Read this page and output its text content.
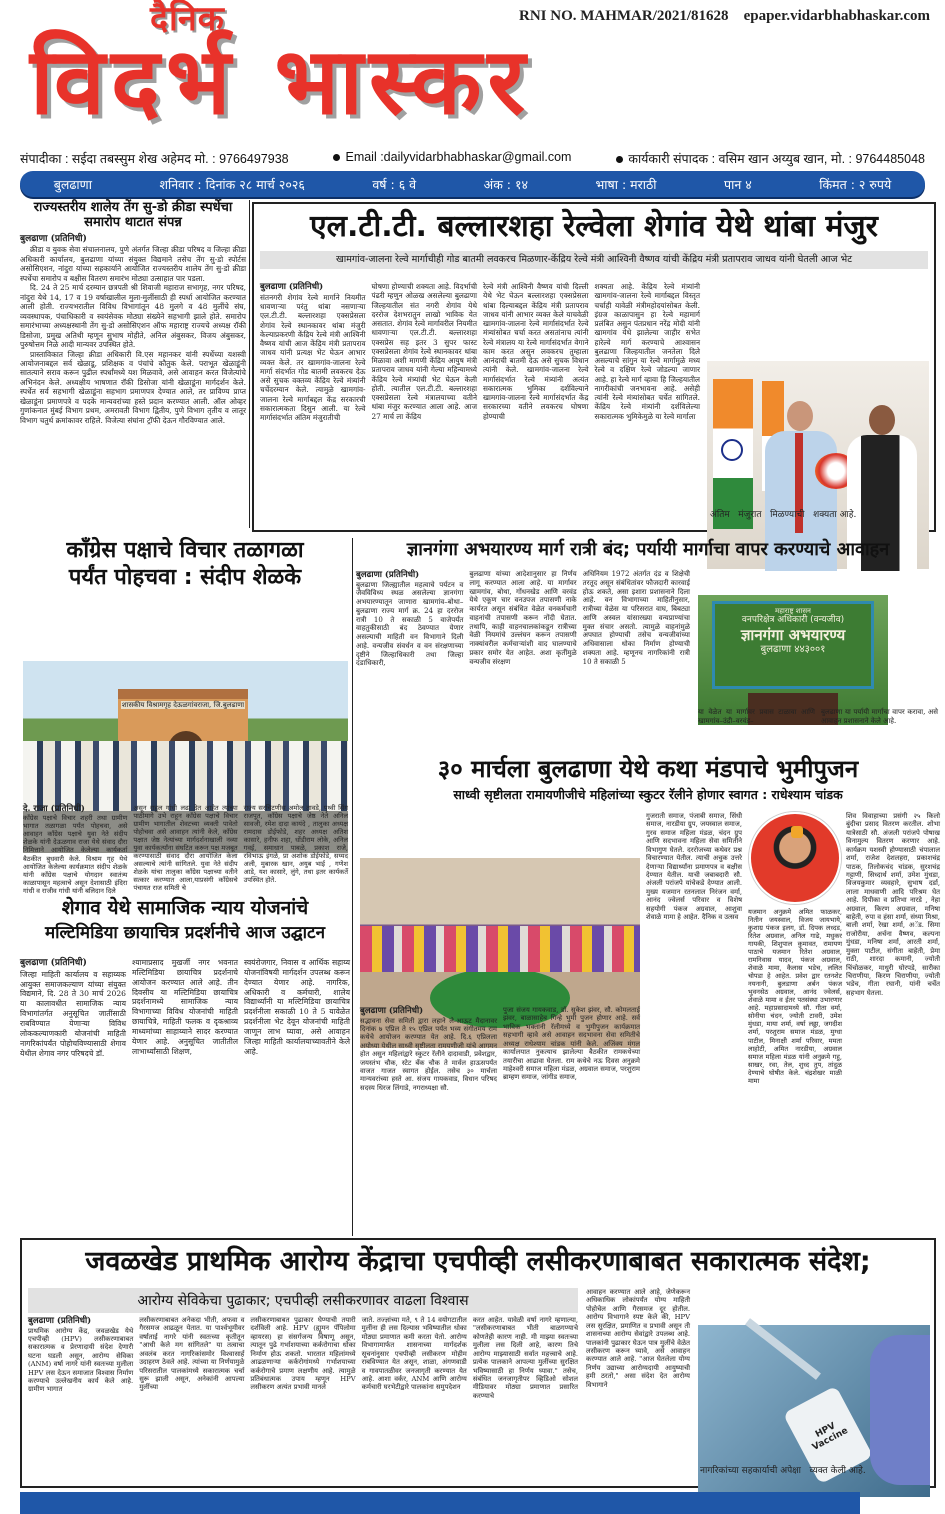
दैनिक
विदर्भ भास्कर
RNI NO. MAHMAR/2021/81628 epaper.vidarbhabhaskar.com
संपादीका : सईदा तबस्सुम शेख अहेमद मो. : 9766497938	Email :dailyvidarbhabhaskar@gmail.com	कार्यकारी संपादक : वसिम खान अय्युब खान, मो. : 9764485048
बुलढाणा	शनिवार : दिनांक २८ मार्च २०२६	वर्ष : ६ वे	अंक : १४	भाषा : मराठी	पान ४	किंमत : २ रुपये
राज्यस्तरीय शालेय तेंग सु-डो क्रीडा स्पर्धेचा समारोप थाटात संपन्न
बुलढाणा (प्रतिनिधी)
क्रीडा व युवक सेवा संचालनालय, पुणे अंतर्गत जिल्हा क्रीडा परिषद व जिल्हा क्रीडा अधिकारी कार्यालय, बुलढाणा यांच्या संयुक्त विद्यमाने तसेच तेंग सु-डो स्पोर्टस असोसिएशन, नांदुरा यांच्या सहकार्याने आयोजित राज्यस्तरीय शालेय तेंग सु-डो क्रीडा स्पर्धेचा समारोप व बक्षीस वितरण समारंभ मोठ्या उत्साहात पार पडला.
दि. 24 ते 25 मार्च दरम्यान छत्रपती श्री शिवाजी महाराज सभागृह, नगर परिषद, नांदुरा येथे 14, 17 व 19 वर्षाखालील मुला-मुलींसाठी ही स्पर्धा आयोजित करण्यात आली होती. राज्यभरातील विविध विभागांतून 48 मुलगे व 48 मुलींचे संघ, व्यवस्थापक, पंचाधिकारी व स्वयंसेवक मोठ्या संख्येने सहभागी झाले होते. समारोप समारंभाच्या अध्यक्षस्थानी तेंग सु-डो असोसिएशन ऑफ महाराष्ट्र राज्यचे अध्यक्ष रॉकी डिसोजा, प्रमुख अतिथी म्हणून सुभाष मोहीते, अनिल अंबुसकर, विजय अंबुसकर, पुरुषोत्तम निळे आदी मान्यवर उपस्थित होते.
प्रास्ताविकात जिल्हा क्रीडा अधिकारी वि.एस महानकर यांनी स्पर्धेच्या यशस्वी आयोजनाबद्दल सर्व खेळाडू, प्रशिक्षक व पंचांचे कौतुक केले. पराभूत खेळाडूंनी सातत्याने सराव करून पुढील स्पर्धांमध्ये यश मिळवावे, असे आवाहन करत विजेत्यांचे अभिनंदन केले. अध्यक्षीय भाषणात रॉकी डिसोजा यांनी खेळाडूंना मार्गदर्शन केले. स्पर्धेत सर्व सहभागी खेळाडूंना सहभाग प्रमाणपत्र देण्यात आले, तर प्राविण्य प्राप्त खेळाडूंना प्रमाणपत्रे व पदके मान्यवरांच्या हस्ते प्रदान करण्यात आली. ऑल ओव्हर गुणांकनात मुंबई विभाग प्रथम, अमरावती विभाग द्वितीय, पुणे विभाग तृतीय व लातूर विभाग चतुर्थ क्रमांकावर राहिले. विजेत्या संघांना ट्रॉफी देऊन गौरविण्यात आले.
एल.टी.टी. बल्लारशहा रेल्वेला शेगांव येथे थांबा मंजुर
खामगांव-जालना रेल्वे मार्गाचीही गोड बातमी लवकरच मिळणार-केंद्रिय रेल्वे मंत्री आश्विनी वैष्णव यांची केंद्रिय मंत्री प्रतापराव जाधव यांनी घेतली आज भेट
बुलढाणा (प्रतिनिधी)
संतनगरी शेगांव रेल्वे मार्गाने नियमीत धावणाऱ्या परंतु थांबा नसणाऱ्या एल.टी.टी. बल्लारशहा एक्सप्रेसला शेगांव रेल्वे स्थानकावर थांबा मंजुरी केल्याप्रकरणी केंद्रिय रेल्वे मंत्री आश्विनी वैष्णव यांची आज केंद्रिय मंत्री प्रतापराव जाधव यांनी प्रत्यक्ष भेट घेऊन आभार व्यक्त केले. तर खामगांव-जालना रेल्वे मार्गा संदर्भात गोड बातमी लवकरच देऊ असे सुचक वक्तव्य केंद्रिय रेल्वे मंत्र्यांनी चर्चेदरम्यान केले. त्यामुळे खामगांव-जालना रेल्वे मार्गाबद्दल केंद्र सरकारची सकारात्मकता दिसुन आली. या रेल्वे मार्गासंदर्भात अंतिम मंजुरातीची
घोषणा होण्याची शक्यता आहे. विदर्भाची पंढरी म्हणुन ओळख असलेल्या बुलढाणा जिल्हयातील संत नगरी शेगांव येथे दररोज देशभरातुन लाखो भाविक येत असतात. शेगांव रेल्वे मार्गावरील नियमीत धावणाऱ्या एल.टी.टी. बल्लारशहा एक्सप्रेस सह इतर 3 सुपर फास्ट एक्सप्रेसला शेगांव रेल्वे स्थानकावर थांबा मिळावा अशी मागणी केंद्रिय आयुष मंत्री प्रतापराव जाधव यांनी गेल्या महिन्यामध्ये केंद्रिय रेल्वे मंत्र्यांची भेट घेऊन केली होती. त्यातील एल.टी.टी. बल्लारशहा एक्सप्रेसला रेल्वे मंत्रालयाच्या वतीने थांबा मंजुर करण्यात आला आहे. आज 27 मार्च ला केंद्रिय
रेल्वे मंत्री आश्विनी वैष्णव यांची दिल्ली येथे भेट घेऊन बल्लारशहा एक्सप्रेसला थांबा दिल्याबद्दल केंद्रिय मंत्री प्रतापराव जाधव यांनी आभार व्यक्त केले याचवेळी खामगांव-जालना रेल्वे मार्गासंदर्भात रेल्वे मंत्र्यांसोबत चर्चा करत असतांनाच त्यांनी रेल्वे मंत्रालय या रेल्वे मार्गासंदर्भात वेगाने काम करत असुन लवकरच तुम्हाला आनंदाची बातमी देऊ असे सुचक विधान त्यांनी केले. खामगांव-जालना रेल्वे मार्गासंदर्भात रेल्वे मंत्र्यांनी अत्यंत सकारात्मक भुमिका दर्शविल्याने खामगांव-जालना रेल्वे मार्गासंदर्भात केंद्र सरकारच्या वतीने लवकरच घोषणा होण्याची
शक्यता आहे. केंद्रिय रेल्वे मंत्र्यांनी खामगांव-जालना रेल्वे मार्गाबद्दल विस्तृत चर्चाही यावेळी मंत्रीमहोदयांसोबत केली. इंग्रज काळापासुन हा रेल्वे महामार्ग प्रलंबित असुन पंतप्रधान नरेंद्र मोदी यांनी खामगांव येथे झालेल्या जाहीर सभेत हारेल्वे मार्ग करण्याचे आश्वासन बुलढाणा जिल्हयातील जनतेला दिले असल्याचे सांगुन या रेल्वे मार्गामुळे मध्य रेल्वे व दक्षिण रेल्वे जोडल्या जाणार आहे. हा रेल्वे मार्ग व्हावा हि जिल्हयातील नागरीकांची जनभावना आहे. असेही त्यांनी रेल्वे मंत्र्यांसोबत चर्चेत सांगितले. केंद्रिय रेल्वे मंत्र्यांनी दर्शविलेल्या सकारात्मक भुमिकेमुळे या रेल्वे मार्गाला
अंतिम   मंजुरात   मिळण्याची   शक्यता आहे.
काँग्रेस पक्षाचे विचार तळागळा
पर्यंत पोहचवा : संदीप शेळके
शासकीय विश्रामगृह देऊळगांवराजा, जि.बुलढाणा
दे. राजा (प्रतिनिधी)
काँग्रेस पक्षाचे विचार शहरी तथा ग्रामीण भागात तळागळा पर्यंत पोहचवा, असे आवाहन काँग्रेस पक्षाचे युवा नेते संदीप शेळके यांनी देऊळगाव राजा येथे संवाद दौरा निमित्ताने आयोजित केलेल्या कार्यकर्ता बैठकीत बुधवारी केले. विश्राम गृह येथे आयोजित केलेल्या कार्यक्रमात संदीप शेळके यांनी काँग्रेस पक्षाचे योगदान स्वातंत्र्य काळापासून महत्वाचे असून देशासाठी इंदिरा गांधी व राजीव गांधी यांनी बलिदान दिले
असून राहुल गांधी लढा देत आहेत त्यांच्या पाठीमागे उभे राहून काँग्रेस पक्षाचे विचार ग्रामीण भागातील शेवटच्या व्यक्ती पावेतो पोहोचवा असे आवाहन त्यांनी केले, काँग्रेस पक्षात जेष्ठ नेत्यांच्या मार्गदर्शनाखाली नव्या युवा कार्यकर्त्यांना संघटित करून पक्ष मजबूत करण्यासाठी संवाद दौरा आयोजित केला असल्याचे त्यांनी सांगितले. युवा नेते संदीप शेळके यांचा तालुका काँग्रेस पक्षाच्या वतीने सत्कार करण्यात आला,याप्रसंगी काँग्रेसचे पंचायत राज समिती चे
राज्य सरचिटणीस अमोल तावडे, पृथ्वी सिंग राजपूत, काँग्रेस पक्षाचे जेष्ठ नेते अनिल सावजी, रमेश दादा कायंदे , तालुका अध्यक्ष रामदास डोईफोडे, शहर अध्यक्ष अतिश कासारे, हनीफ शहा, धोंडीराम लोके, अनिल गवई, समाधान पाबळे, प्रकाश राजे, रविभाऊ इंगळे, प्रा अशोक डोईफोडे, सय्यद अली, मुबारक खान, अयुब भाई , गणेश आडे, यश कासारे, लुंगे, तथा इतर कार्यकर्ते उपस्थित होते.
ज्ञानगंगा अभयारण्य मार्ग रात्री बंद; पर्यायी मार्गाचा वापर करण्याचे आवाहन
बुलढाणा (प्रतिनिधी)
बुलढाणा जिल्ह्यातील महत्वाचे पर्यटन व जैवविविध्य स्थळ असलेल्या ज्ञानगंगा अभयारण्यातून जाणारा खामगांव–बोथा–बुलढाणा राज्य मार्ग क्र. 24 हा दररोज रात्री 10 ते सकाळी 5 वाजेपर्यंत वाहतुकीसाठी बंद ठेवण्यात येणार असल्याची माहिती वन विभागाने दिली आहे. वन्यजीव संवर्धन व वन संरक्षणाच्या दृष्टीने जिल्हाधिकारी तथा जिल्हा दंडाधिकारी,
बुलढाणा यांच्या आदेशानुसार हा निर्णय लागू करण्यात आला आहे. या मार्गावर खामगांव, बोथा, गोंधनखेड आणि वरवंड येथे एकूण चार वनउपज तपासणी नाके कार्यरत असून संबंधित वेळेत वनकर्मचारी वाहनांची तपासणी करून नोंदी घेतात. तथापि, काही वाहनचालकांकडून रात्रीच्या वेळी नियमांचे उल्लंघन करून तपासणी नाक्यांवरील कर्मचाऱ्यांशी वाद घालण्याचे प्रकार समोर येत आहेत. अशा कृतींमुळे वन्यजीव संरक्षण
अधिनियम 1972 अंतर्गत दंड व शिक्षेची तरतूद असून संबंधितांवर फौजदारी कारवाई होऊ शकते, असा इशारा प्रशासनाने दिला आहे. वन विभागाच्या माहितीनुसार, रात्रीच्या वेळेस या परिसरात वाघ, बिबट्या आणि अस्वल यांसारख्या वन्यप्राण्यांचा मुक्त संचार असतो. त्यामुळे वाहनांमुळे अपघात होण्याची तसेच वन्यजीवांच्या अधिवासाला धोका निर्माण होण्याची शक्यता आहे. म्हणूनच नागरिकांनी रात्री 10 ते सकाळी 5
महाराष्ट्र शासन
वनपरिक्षेत्र अधिकारी (वन्यजीव)
ज्ञानगंगा अभयारण्य
बुलढाणा ४४३००१
या वेळेत या मार्गावर प्रवास टाळावा आणि खामगांव–उंद्री–वरवंड–
बुलढाणा या पर्यायी मार्गाचा वापर करावा, असे आवाहन प्रशासनाने केले आहे.
३० मार्चला बुलढाणा येथे कथा मंडपाचे भुमीपुजन
साध्वी सृष्टीलता रामायणीजीचे महिलांच्या स्कुटर रॅलीने होणार स्वागत : राधेश्याम चांडक
बुलढाणा (प्रतिनिधी)
सद्भावना सेवा समिती द्वारा लहाने ले-आऊट मैदानावर दिनांक ७ एप्रिल ते १५ एप्रिल पर्यंत भव्य संगीतमय राम कथेचे आयोजन करण्यात येत आहे. दि.६ एप्रिलला अयोध्या येथील साध्वी सृष्टीलता रामयणीजी यांचे आगमन होत असुन महिलांद्वारे स्कुटर रॅलीने दादावाडी, प्रवेशद्वार, जयस्तंभ चौक, स्टेट बँक चौक ते मार्वल हाऊसपर्यंत वाजत गाजत स्वागत होईल. तसेच ३० मार्चला मान्यवरांच्या हस्ते आ. संजय गायकवाड, विधान परिषद सदस्य धिरज लिंगाडे, नगराध्यक्षा सौ.
पुजा संजय गायकवाड, डॉ. सुकेश झंवर, सौ. कोमलताई झंवर, बाळासाहेब गिन्हे भुमी पुजन होणार आहे. सर्व भाविक भक्तांनी रॅलीमध्ये व भुमीपुजन कार्यक्रमात सहभागी व्हावे असे आवाहन सदभावना सेवा समितीचे अध्यक्ष राधेश्याम चांडक यांनी केले. अजिंक्य मंगल कार्यालयात नुकत्याच झालेल्या बैठकीत रामकथेच्या तयारीचा आढावा घेतला. राम कथेचे नऊ दिवस अनुक्रमे माहेश्वरी समाज महिला मंडळ, अग्रवाल समाज, परशुराम ब्राम्हण समाज, जांगीड समाज,
गुजराती समाज, पंजाबी समाज, सिंधी समाज, नारडीया ग्रुप, जयस्वाल समाज, गुरव समाज महिला मंडळ, चंदन ग्रुप आणि सदभावना महिला सेवा समितीने विभागुण घेतले. दररोजच्या कथेवर प्रश्न विचारण्यात येतील. त्याची अचुक उत्तरे देणाऱ्या विद्यार्थ्यांना प्रमाणपत्र व बक्षीस देण्यात येतील. याची जबाबदारी सौ. अंजली परांजपे यांचेकडे देण्यात आली. मुख्य यजमान रतनलाल निरंजन वर्मा, आनंद ज्वेलर्स परिवार व विशेष सहयोगी पंकज अग्रवाल, आशुवा शेवाळे मामा हे आहेत. दैनिक व उत्सव
यजमान अनुक्रमे अमित फाळकर, नितीन जयस्वाल, विजय जायभाये, कुशाग्र पंकज इलग, डॉ. दिपक लध्दड, रितेश अग्रवाल, अनिल गाढे, मधुकर गायकी, शिशुपाल कुमावत, रामायण पाठाचे यजमान रितेश अग्रवाल, रामनिवास यादव, पंकज अग्रवाल, शेवाळे मामा, कैलास भडेच, ललित चोपडा हे आहेत. प्रवेश द्वार रतनशेट नयनानी, बुलडाणा अर्बन पंकज भुवनसेठ अग्रवाल, आनंद ज्वेलर्स, शेवाळे मामा व ईतर पतसंस्था उभारणार आहे. महाप्रसादामध्ये सौ. गीता वर्मा, सोनीया चंदन, ज्योती टावरी, उमेश मुंधडा, माया शर्मा, वर्षा लढ्ढा, जगदीश शर्मा, परशुराम समाज मंडळ, मुग्धा पाटील, मिनाक्षी शर्मा परिवार, ममता लाहोटी, अमित नारडीया, अग्रवाल समाज महिला मंडळ यांनी अनुक्रमे गहु, साखर, रवा, तेल, शुध्द तुप, तांदुळ देण्याचे घोषीत केले. चंद्रशेखर माळी मामा
शिव विवाहाच्या प्रसंगी २५ किलो बुंदीचा प्रसाद वितरण करतील. शोभा यात्रेसाठी सौ. अंजली परांजपे पोषाख विनामुल्य वितरण करणार आहे. कार्यक्रम यशस्वी होण्यासाठी चंपालाल शर्मा, राजेश देशलहरा, प्रकाशचंद्र पाठक, तिलोकचंद चांडक, सुरशचंद्र गट्टाणी, सिध्दार्थ शर्मा, उमेश मुंधडा, विजयकुमार व्यवहारे, सुभाष दर्डा, लाला माधवाणी आदि परिश्रम घेत आहे. दिपीका व प्रतिभा नारडे , नेहा अग्रवाल, किरण अग्रवाल, मनिषा बाहेती, रुपा व हंसा शर्मा, संध्या मिश्रा, बाली शर्मा, रेखा शर्मा, अॅड. सिमा राजोरीया, अर्चना वैष्णव, कल्पना मुंधडा, मनिषा शर्मा, आरती शर्मा, मुक्ता पाटील, संगीता बाहेती, प्रेमा राठी, शारदा कमानी, ज्योती चिंचोळकर, माधुरी घोरपडे, सारीका चिराणीया, किरण चिराणीया, ज्योती भडेच, गीता रघानी, यांनी चर्चेत सहभाग घेतला.
शेगाव येथे सामाजिक न्याय योजनांचे
मल्टिमिडिया छायाचित्र प्रदर्शनीचे आज उद्घाटन
बुलढाणा (प्रतिनिधी)
जिल्हा माहिती कार्यालय व सहाय्यक आयुक्त समाजकल्याण यांच्या संयुक्त विद्यमाने, दि. 28 ते 30 मार्च 2026 या कालावधीत सामाजिक न्याय विभागांतर्गत अनुसूचित जातींसाठी राबविण्यात येणाऱ्या विविध लोककल्याणकारी योजनांची माहिती नागरिकांपर्यंत पोहोचविण्यासाठी शेगाव येथील शेगाव नगर परिषदचे डॉ.
श्यामाप्रसाद मुखर्जी नगर भवनात मल्टिमिडिया छायाचित्र प्रदर्शनाचे आयोजन करण्यात आले आहे. तीन दिवसीय या मल्टिमिडिया छायाचित्र प्रदर्शनामध्ये सामाजिक न्याय विभागाच्या विविध योजनांची माहिती छायाचित्रे, माहिती फलक व दृकश्राव्य माध्यमांच्या साहाय्याने सादर करण्यात येणार आहे. अनुसूचित जातीतील लाभार्थ्यांसाठी शिक्षण,
स्वयंरोजगार, निवास व आर्थिक सहाय्य योजनांविषयी मार्गदर्शन उपलब्ध करून देण्यात येणार आहे. नागरिक, अधिकारी व कर्मचारी, शालेय विद्यार्थ्यांनी या मल्टिमिडिया छायाचित्र प्रदर्शनीला सकाळी 10 ते 5 यावेळेत प्रदर्शनीला भेट देवून योजनांची माहिती जाणून लाभ घ्यावा, असे आवाहन जिल्हा माहिती कार्यालयाच्यावतीने केले आहे.
जवळखेड प्राथमिक आरोग्य केंद्राचा एचपीव्ही लसीकरणाबाबत सकारात्मक संदेश;
आरोग्य सेविकेचा पुढाकार; एचपीव्ही लसीकरणावर वाढला विश्वास
बुलढाणा (प्रतिनिधी)
प्राथमिक आरोग्य केंद्र, जवळखेड येथे एचपीव्ही (HPV) लसीकरणाबाबत सकारात्मक व प्रेरणादायी संदेश देणारी घटना घडली असून, आरोग्य सेविका (ANM) वर्षा नागरे यांनी स्वतःच्या मुलीला HPV लस देऊन समाजात विश्वास निर्माण करण्याचे उल्लेखनीय कार्य केले आहे. ग्रामीण भागात
लसीकरणाबाबत अनेकदा भीती, अफवा व गैरसमज आढळून येतात. या पार्श्वभूमीवर वर्षाताई नागरे यांनी स्वतःच्या कृतीतून "आधी केले मग सांगितले" या तत्वाचा अवलंब करत नागरिकांसमोर विश्वासार्ह उदाहरण ठेवले आहे. त्यांच्या या निर्णयामुळे परिसरातील पालकांमध्ये सकारात्मक चर्चा सुरू झाली असून, अनेकांनी आपल्या मुलींच्या
लसीकरणाबाबत पुढाकार घेण्याची तयारी दर्शविली आहे. HPV (ह्यूमन पॅपिलोमा व्हायरस) हा संसर्गजन्य विषाणू असून, त्यातून पुढे गर्भाशयाच्या कर्करोगाचा धोका निर्माण होऊ शकतो. भारतात महिलांमध्ये आढळणाऱ्या कर्करोगांमध्ये गर्भाशयाच्या कर्करोगाचे प्रमाण लक्षणीय आहे. त्यामुळे प्रतिबंधात्मक उपाय म्हणून HPV लसीकरण अत्यंत प्रभावी मानले
जाते. तज्ज्ञांच्या मते, ९ ते 14 वयोगटातील मुलींना ही लस दिल्यास भविष्यातील धोका मोठ्या प्रमाणात कमी करता येतो. आरोग्य विभागामार्फत शासनाच्या मार्गदर्शक सूचनांनुसार एचपीव्ही लसीकरण मोहीम राबविण्यात येत असून, शाळा, अंगणवाडी व गावपातळीवर जनजागृती करण्यात येत आहे. आशा वर्कर, ANM आणि आरोग्य कर्मचारी घरभेटीद्वारे पालकांना समुपदेशन
करत आहेत. यावेळी वर्षा नागरे म्हणाल्या, "लसीकरणाबाबत भीती बाळगण्याचे कोणतेही कारण नाही. मी माझ्या स्वतःच्या मुलीला लस दिली आहे, कारण तिचे आरोग्य माझ्यासाठी सर्वात महत्त्वाचे आहे. प्रत्येक पालकाने आपल्या मुलींच्या सुरक्षित भविष्यासाठी हा निर्णय घ्यावा." तसेच, संबंधित जनजागृतीपर व्हिडिओ सोशल मीडियावर मोठ्या प्रमाणात प्रसारित करण्याचे
आवाहन करण्यात आले आहे, जेणेकरून अधिकाधिक लोकांपर्यंत योग्य माहिती पोहोचेल आणि गैरसमज दूर होतील. आरोग्य विभागाने स्पष्ट केले की, HPV लस सुरक्षित, प्रमाणित व प्रभावी असून ती शासनाच्या आरोग्य सेवांद्वारे उपलब्ध आहे. पालकांनी पुढाकार घेऊन पात्र मुलींचे वेळेत लसीकरण करून घ्यावे, असे आवाहन करण्यात आले आहे. "आज घेतलेला योग्य निर्णय उद्याच्या आरोग्यदायी आयुष्याची हमी ठरतो," असा संदेश देत आरोग्य विभागाने
HPV Vaccine
नागरिकांच्या सहकार्याची अपेक्षा   व्यक्त केली आहे.
